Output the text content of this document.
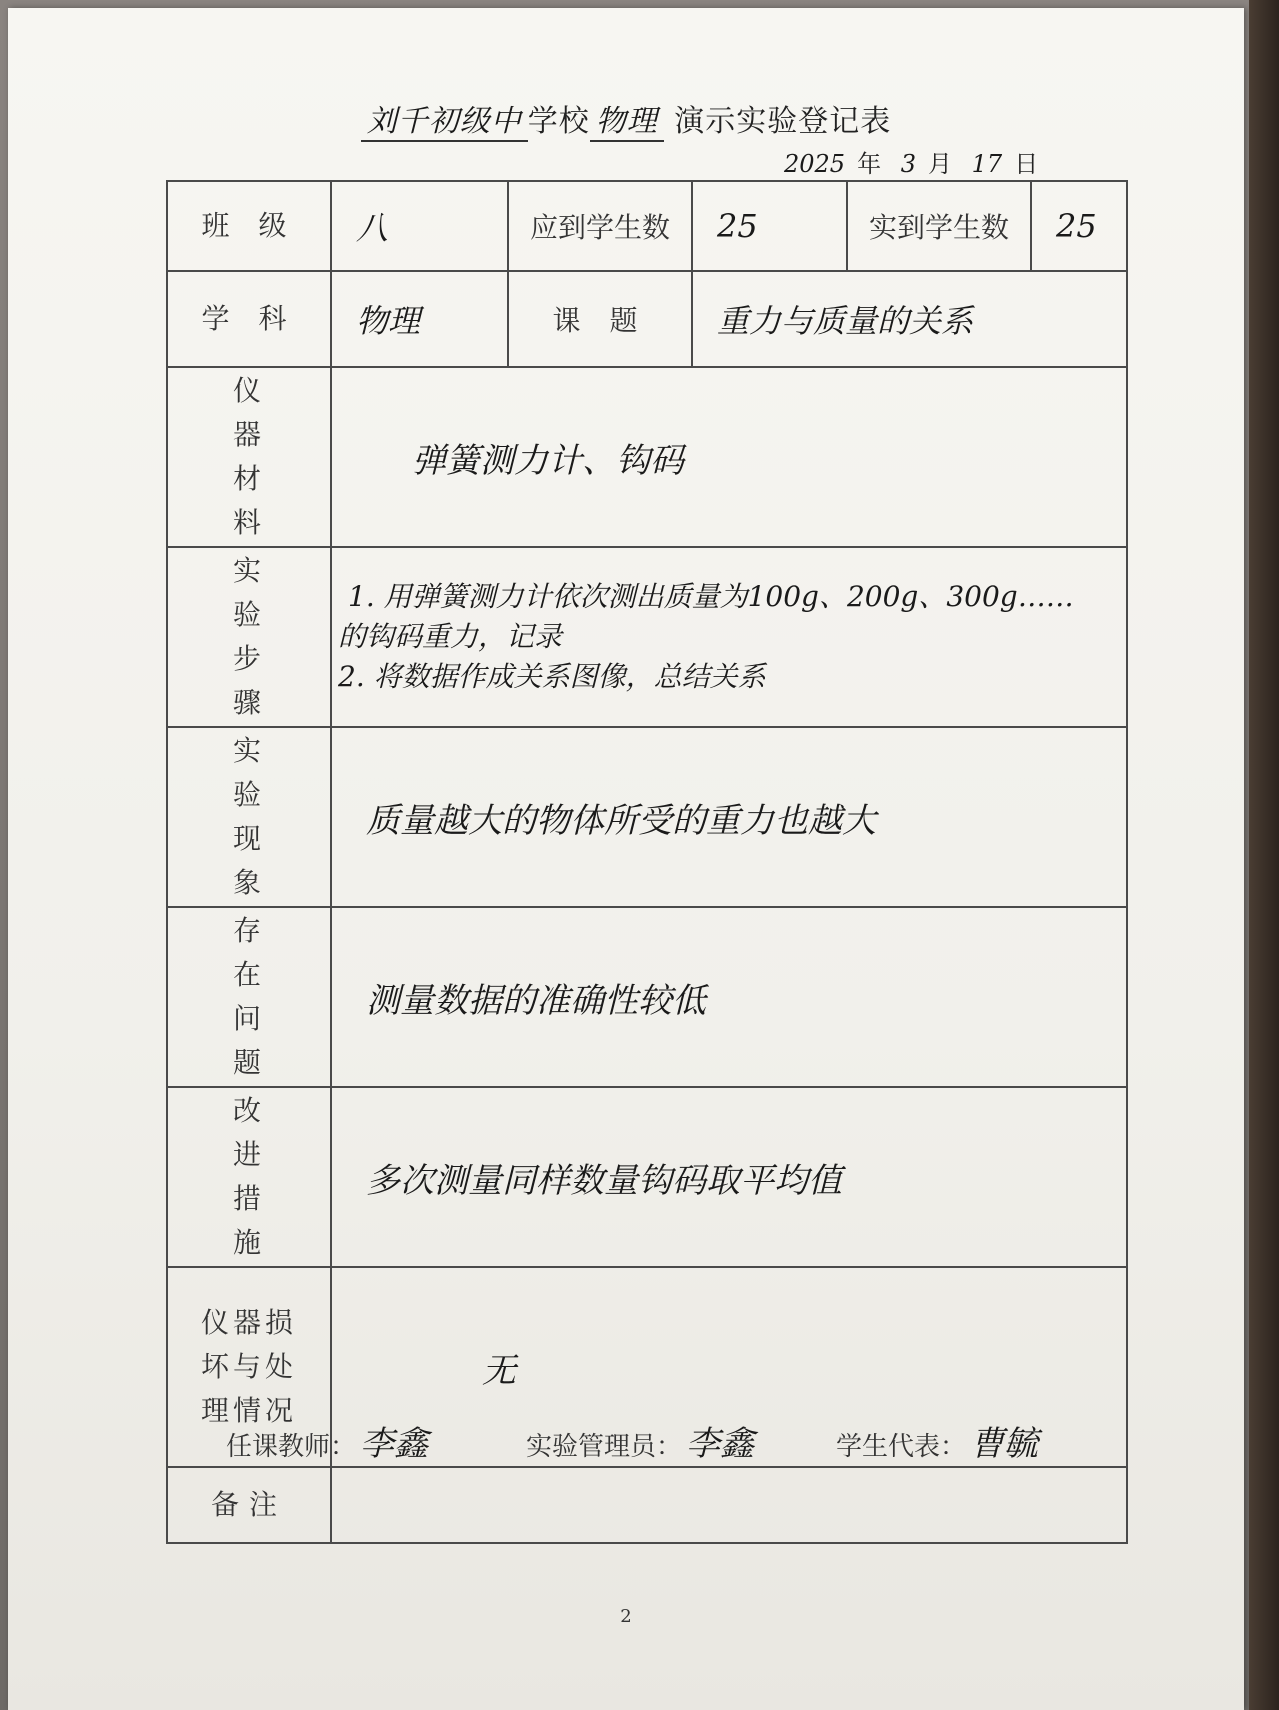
刘千初级中 学校 物理 演示实验登记表
2025 年 3 月 17 日
班 级	八	应到学生数	25	实到学生数	25
学 科	物理	课 题	重力与质量的关系		

仪器材料	弹簧测力计、钩码				

实验步骤	1. 用弹簧测力计依次测出质量为100g、200g、300g……
的钩码重力，记录
2. 将数据作成关系图像，总结关系				

实验现象	质量越大的物体所受的重力也越大				

存在问题	测量数据的准确性较低				

改进措施	多次测量同样数量钩码取平均值				

仪器损坏与处理情况	无				
备注					
任课教师： 李鑫	实验管理员： 李鑫	学生代表： 曹毓
2
